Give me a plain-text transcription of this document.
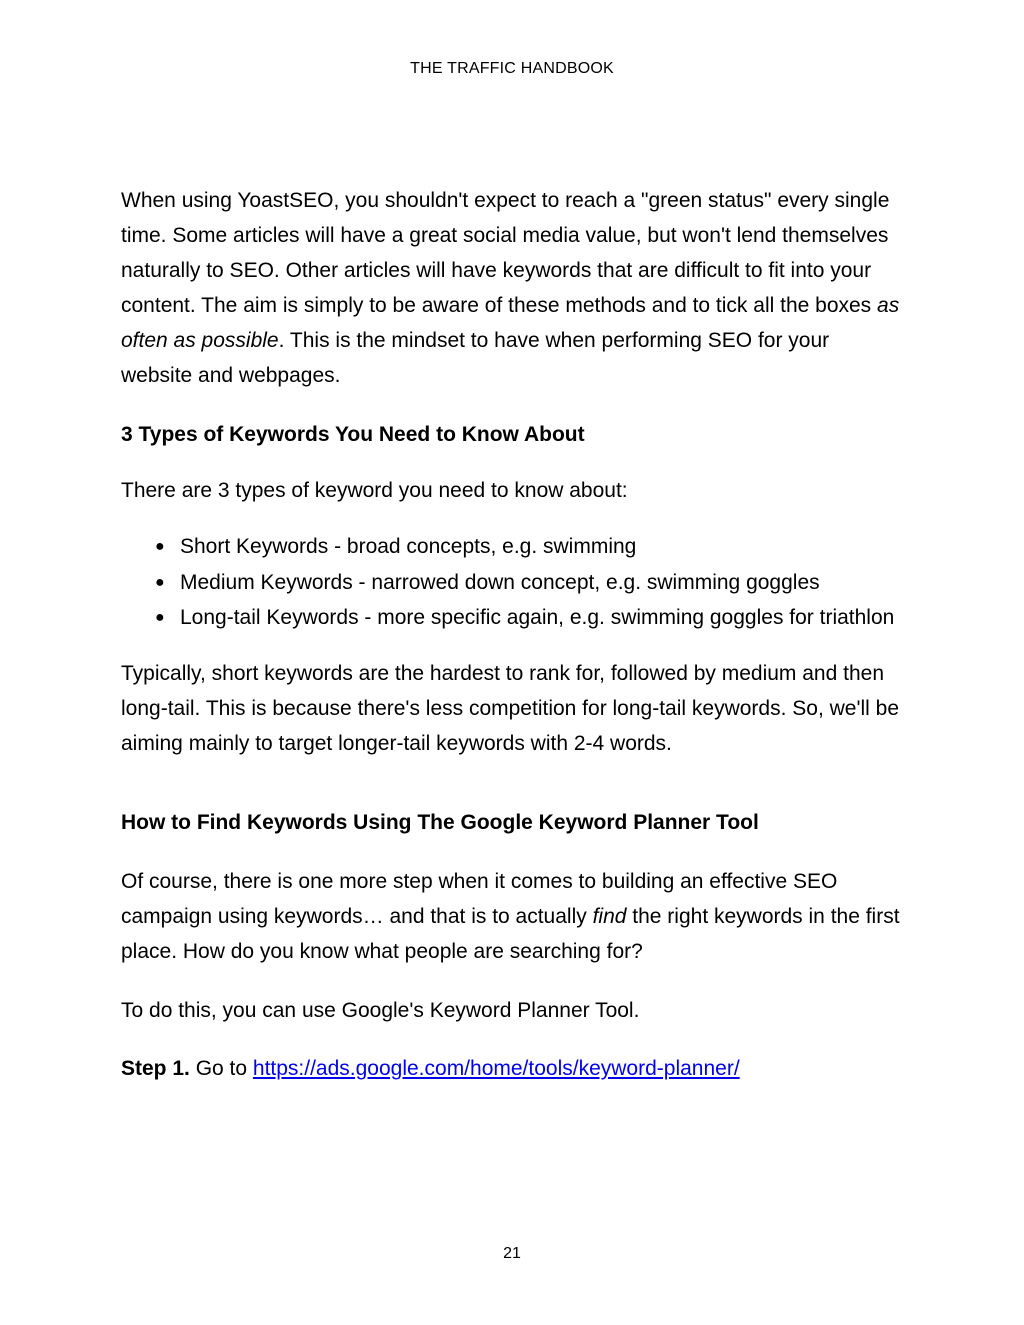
THE TRAFFIC HANDBOOK

When using YoastSEO, you shouldn't expect to reach a "green status" every single time. Some articles will have a great social media value, but won't lend themselves naturally to SEO. Other articles will have keywords that are difficult to fit into your content. The aim is simply to be aware of these methods and to tick all the boxes as often as possible. This is the mindset to have when performing SEO for your website and webpages.

3 Types of Keywords You Need to Know About

There are 3 types of keyword you need to know about:

● Short Keywords - broad concepts, e.g. swimming
● Medium Keywords - narrowed down concept, e.g. swimming goggles
● Long-tail Keywords - more specific again, e.g. swimming goggles for triathlon

Typically, short keywords are the hardest to rank for, followed by medium and then long-tail. This is because there's less competition for long-tail keywords. So, we'll be aiming mainly to target longer-tail keywords with 2-4 words.

How to Find Keywords Using The Google Keyword Planner Tool

Of course, there is one more step when it comes to building an effective SEO campaign using keywords… and that is to actually find the right keywords in the first place. How do you know what people are searching for?

To do this, you can use Google's Keyword Planner Tool.

Step 1. Go to https://ads.google.com/home/tools/keyword-planner/

21
